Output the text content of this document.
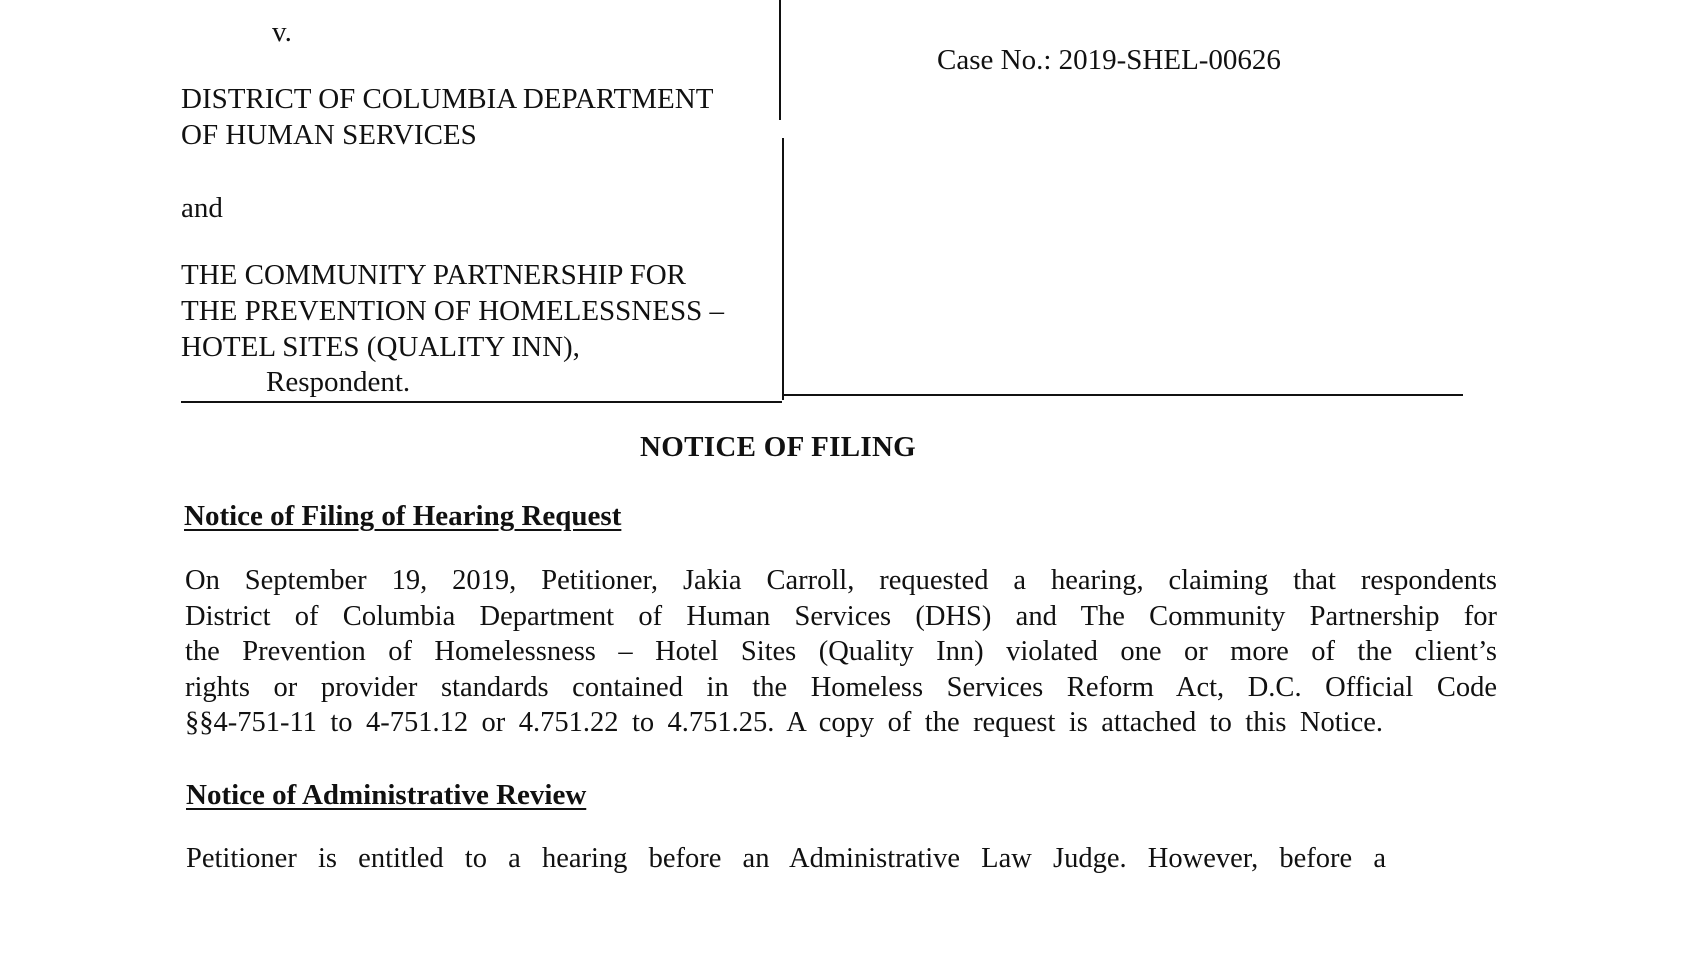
v.
DISTRICT OF COLUMBIA DEPARTMENT
OF HUMAN SERVICES
and
THE COMMUNITY PARTNERSHIP FOR
THE PREVENTION OF HOMELESSNESS –
HOTEL SITES (QUALITY INN),
Respondent.
Case No.: 2019-SHEL-00626
NOTICE OF FILING
Notice of Filing of Hearing Request
On September 19, 2019, Petitioner, Jakia Carroll, requested a hearing, claiming that respondents
District of Columbia Department of Human Services (DHS) and The Community Partnership for
the Prevention of Homelessness – Hotel Sites (Quality Inn) violated one or more of the client’s
rights or provider standards contained in the Homeless Services Reform Act, D.C. Official Code
§§4-751-11 to 4-751.12 or 4.751.22 to 4.751.25. A copy of the request is attached to this Notice.
Notice of Administrative Review
Petitioner is entitled to a hearing before an Administrative Law Judge. However, before a
